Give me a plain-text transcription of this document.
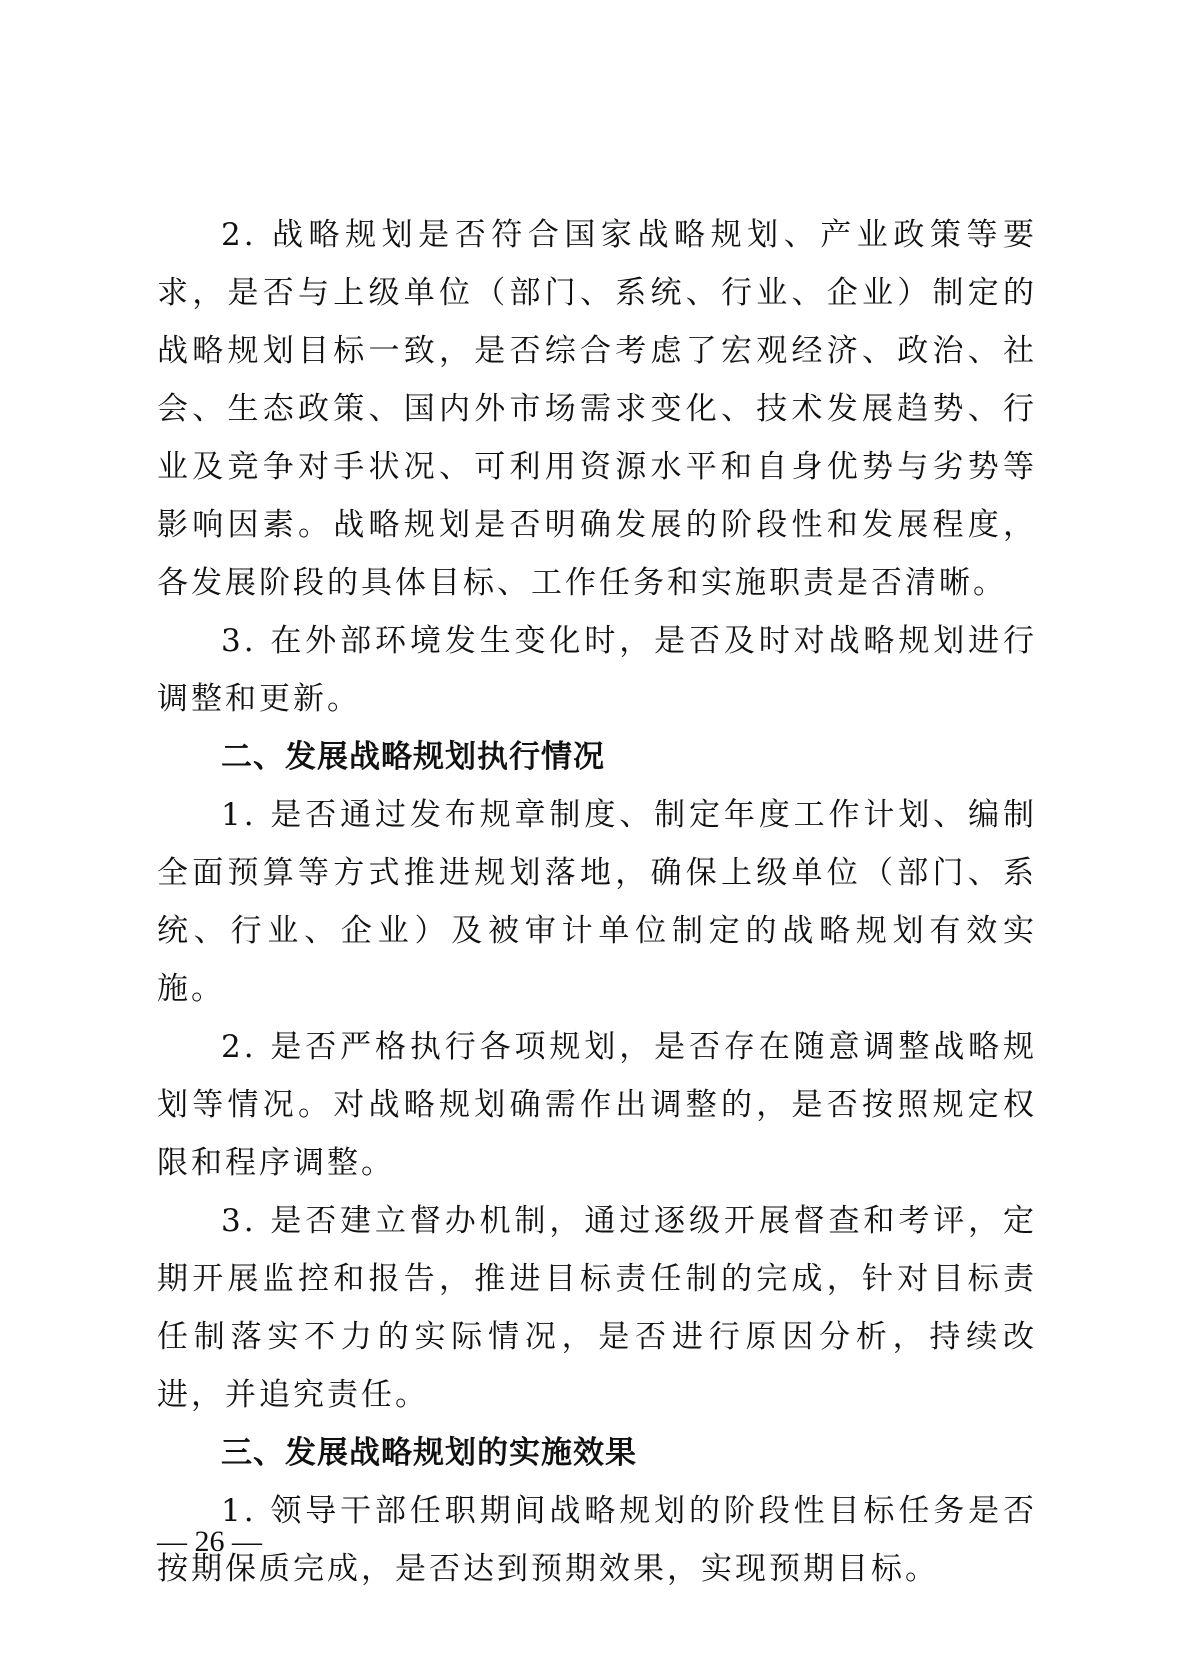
2. 战略规划是否符合国家战略规划、产业政策等要求，是否与上级单位（部门、系统、行业、企业）制定的战略规划目标一致，是否综合考虑了宏观经济、政治、社会、生态政策、国内外市场需求变化、技术发展趋势、行业及竞争对手状况、可利用资源水平和自身优势与劣势等影响因素。战略规划是否明确发展的阶段性和发展程度，各发展阶段的具体目标、工作任务和实施职责是否清晰。

3. 在外部环境发生变化时，是否及时对战略规划进行调整和更新。

二、发展战略规划执行情况

1. 是否通过发布规章制度、制定年度工作计划、编制全面预算等方式推进规划落地，确保上级单位（部门、系统、行业、企业）及被审计单位制定的战略规划有效实施。

2. 是否严格执行各项规划，是否存在随意调整战略规划等情况。对战略规划确需作出调整的，是否按照规定权限和程序调整。

3. 是否建立督办机制，通过逐级开展督查和考评，定期开展监控和报告，推进目标责任制的完成，针对目标责任制落实不力的实际情况，是否进行原因分析，持续改进，并追究责任。

三、发展战略规划的实施效果

1. 领导干部任职期间战略规划的阶段性目标任务是否按期保质完成，是否达到预期效果，实现预期目标。

— 26 —
